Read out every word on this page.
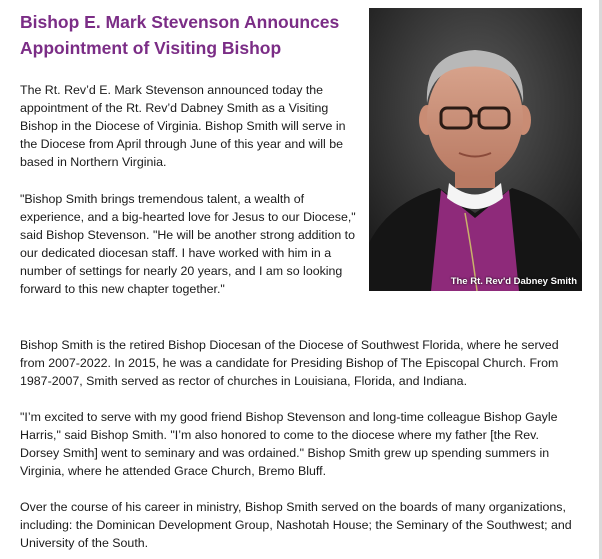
Bishop E. Mark Stevenson Announces Appointment of Visiting Bishop
The Rt. Rev'd Dabney Smith

The Rt. Rev’d E. Mark Stevenson announced today the appointment of the Rt. Rev’d Dabney Smith as a Visiting Bishop in the Diocese of Virginia. Bishop Smith will serve in the Diocese from April through June of this year and will be based in Northern Virginia.

"Bishop Smith brings tremendous talent, a wealth of experience, and a big-hearted love for Jesus to our Diocese," said Bishop Stevenson. "He will be another strong addition to our dedicated diocesan staff. I have worked with him in a number of settings for nearly 20 years, and I am so looking forward to this new chapter together."

Bishop Smith is the retired Bishop Diocesan of the Diocese of Southwest Florida, where he served from 2007-2022. In 2015, he was a candidate for Presiding Bishop of The Episcopal Church. From 1987-2007, Smith served as rector of churches in Louisiana, Florida, and Indiana.

"I’m excited to serve with my good friend Bishop Stevenson and long-time colleague Bishop Gayle Harris," said Bishop Smith. "I’m also honored to come to the diocese where my father [the Rev. Dorsey Smith] went to seminary and was ordained." Bishop Smith grew up spending summers in Virginia, where he attended Grace Church, Bremo Bluff.

Over the course of his career in ministry, Bishop Smith served on the boards of many organizations, including: the Dominican Development Group, Nashotah House; the Seminary of the Southwest; and University of the South.
